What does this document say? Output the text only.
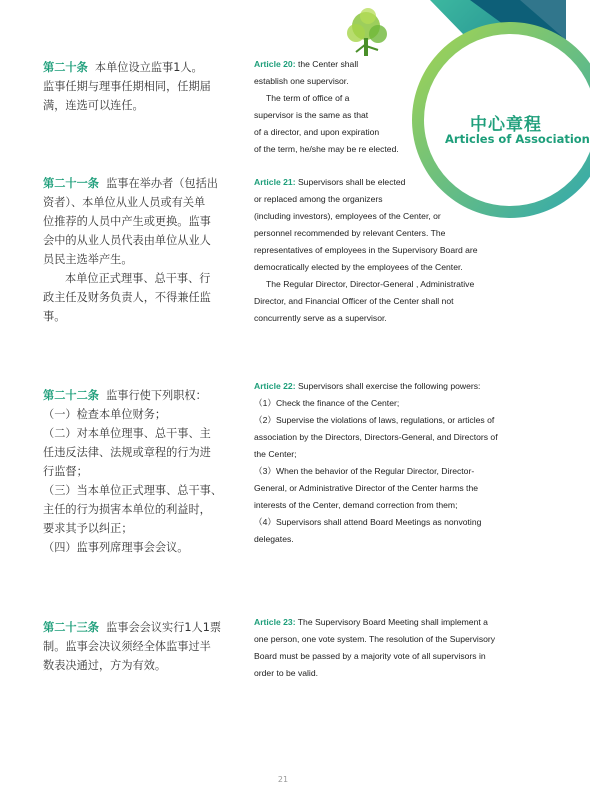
中心章程
Articles of Association
第二十条 本单位设立监事1人。
监事任期与理事任期相同，任期届
满，连选可以连任。
Article 20: the Center shall
establish one supervisor.
The term of office of a
supervisor is the same as that
of a director, and upon expiration
of the term, he/she may be re elected.
第二十一条 监事在举办者（包括出
资者）、本单位从业人员或有关单
位推荐的人员中产生或更换。监事
会中的从业人员代表由单位从业人
员民主选举产生。
本单位正式理事、总干事、行
政主任及财务负责人，不得兼任监
事。
Article 21: Supervisors shall be elected
or replaced among the organizers
(including investors), employees of the Center, or
personnel recommended by relevant Centers. The
representatives of employees in the Supervisory Board are
democratically elected by the employees of the Center.
The Regular Director, Director-General , Administrative
Director, and Financial Officer of the Center shall not
concurrently serve as a supervisor.
第二十二条 监事行使下列职权：
（一）检查本单位财务；
（二）对本单位理事、总干事、主
任违反法律、法规或章程的行为进
行监督；
（三）当本单位正式理事、总干事、
主任的行为损害本单位的利益时，
要求其予以纠正；
（四）监事列席理事会会议。
Article 22: Supervisors shall exercise the following powers:
（1）Check the finance of the Center;
（2）Supervise the violations of laws, regulations, or articles of
association by the Directors, Directors-General, and Directors of
the Center;
（3）When the behavior of the Regular Director, Director-
General, or Administrative Director of the Center harms the
interests of the Center, demand correction from them;
（4）Supervisors shall attend Board Meetings as nonvoting
delegates.
第二十三条 监事会会议实行1人1票
制。监事会决议须经全体监事过半
数表决通过，方为有效。
Article 23: The Supervisory Board Meeting shall implement a
one person, one vote system. The resolution of the Supervisory
Board must be passed by a majority vote of all supervisors in
order to be valid.
21
